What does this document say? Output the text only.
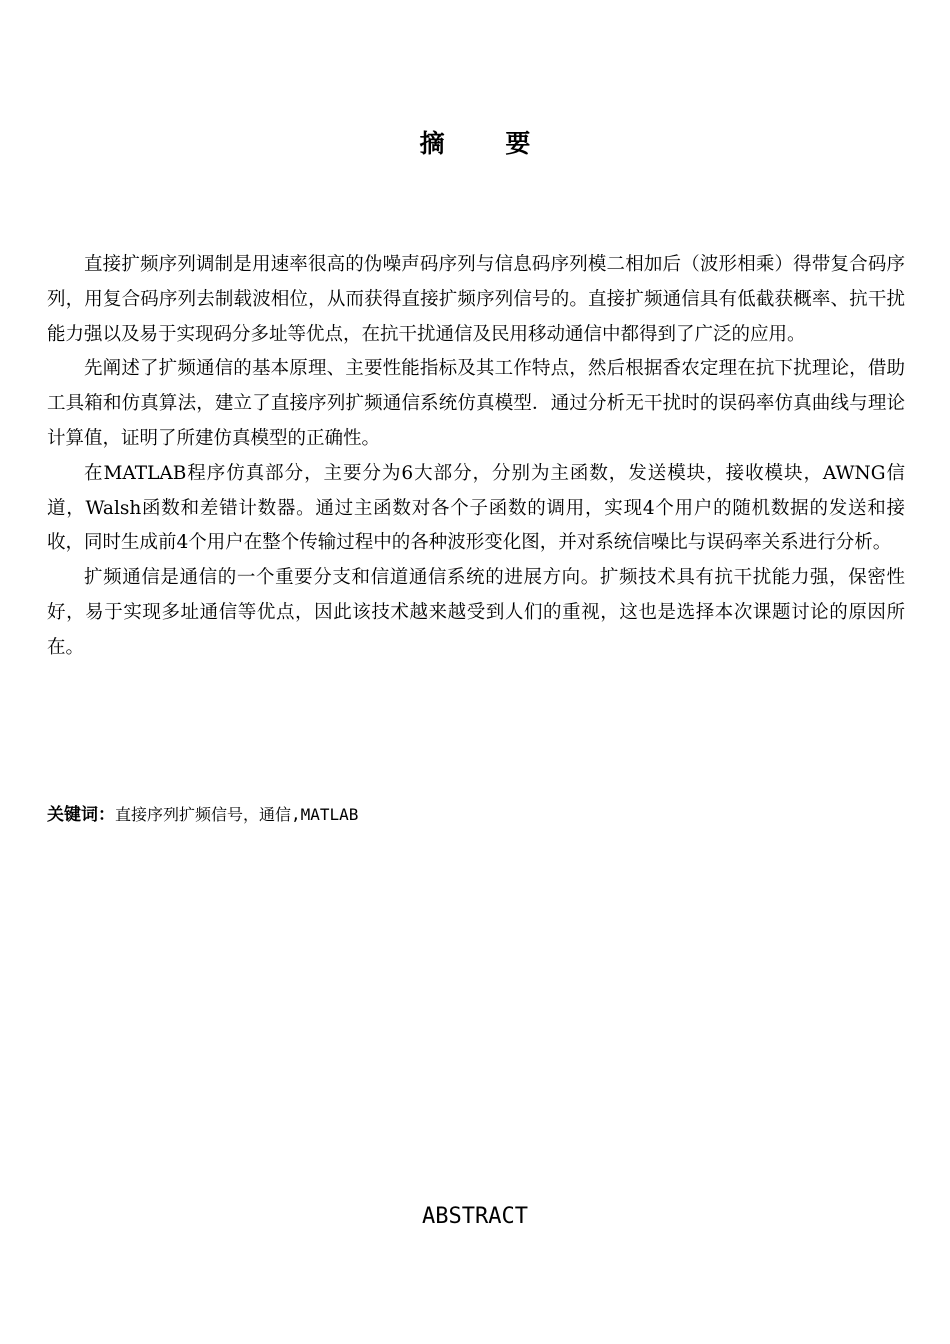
摘 要

直接扩频序列调制是用速率很高的伪噪声码序列与信息码序列模二相加后（波形相乘）得带复合码序列，用复合码序列去制载波相位，从而获得直接扩频序列信号的。直接扩频通信具有低截获概率、抗干扰能力强以及易于实现码分多址等优点，在抗干扰通信及民用移动通信中都得到了广泛的应用。

先阐述了扩频通信的基本原理、主要性能指标及其工作特点，然后根据香农定理在抗下扰理论，借助工具箱和仿真算法，建立了直接序列扩频通信系统仿真模型．通过分析无干扰时的误码率仿真曲线与理论计算值，证明了所建仿真模型的正确性。

在MATLAB程序仿真部分，主要分为6大部分，分别为主函数，发送模块，接收模块，AWNG信道，Walsh函数和差错计数器。通过主函数对各个子函数的调用，实现4个用户的随机数据的发送和接收，同时生成前4个用户在整个传输过程中的各种波形变化图，并对系统信噪比与误码率关系进行分析。

扩频通信是通信的一个重要分支和信道通信系统的进展方向。扩频技术具有抗干扰能力强，保密性好，易于实现多址通信等优点，因此该技术越来越受到人们的重视，这也是选择本次课题讨论的原因所在。

关键词：直接序列扩频信号，通信,MATLAB
ABSTRACT
